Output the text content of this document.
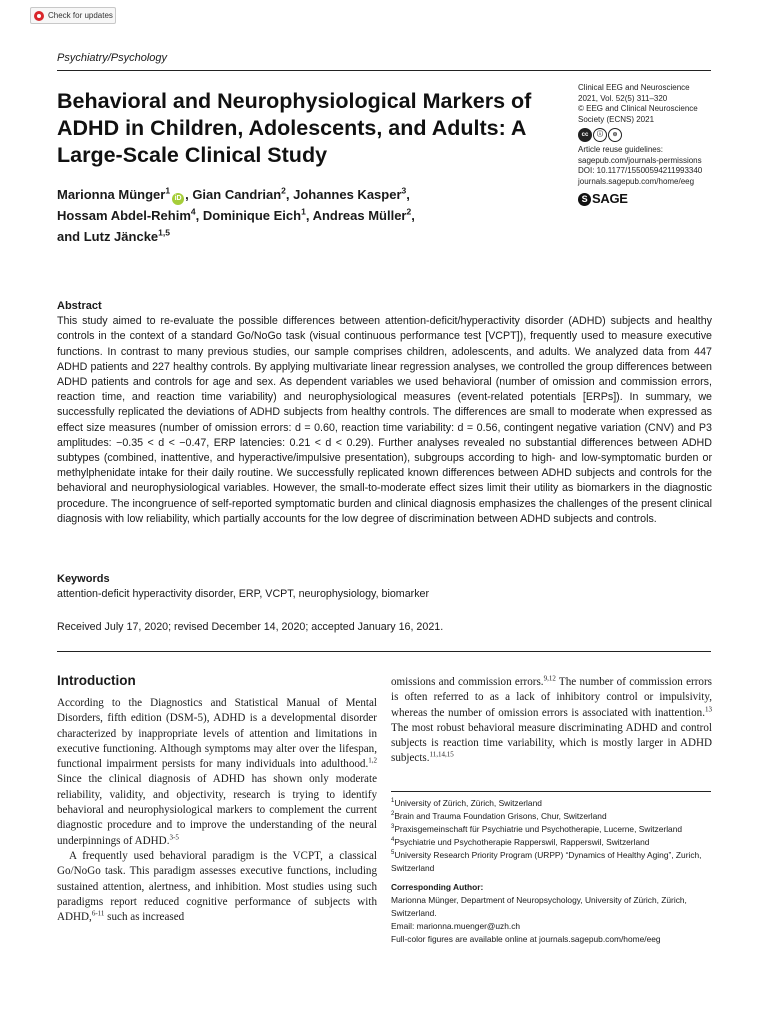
Check for updates
Psychiatry/Psychology
Behavioral and Neurophysiological Markers of ADHD in Children, Adolescents, and Adults: A Large-Scale Clinical Study
Clinical EEG and Neuroscience
2021, Vol. 52(5) 311–320
© EEG and Clinical Neuroscience
Society (ECNS) 2021
cc	ⓘ	⊜
Article reuse guidelines:
sagepub.com/journals-permissions
DOI: 10.1177/15500594211993340
journals.sagepub.com/home/eeg
S SAGE
Marionna Münger$^1$iD , Gian Candrian$^2$, Johannes Kasper$^3$,
Hossam Abdel-Rehim$^4$, Dominique Eich$^1$, Andreas Müller$^2$,
and Lutz Jäncke$^{1,5}$
Abstract
This study aimed to re-evaluate the possible differences between attention-deficit/hyperactivity disorder (ADHD) subjects and healthy controls in the context of a standard Go/NoGo task (visual continuous performance test [VCPT]), frequently used to measure executive functions. In contrast to many previous studies, our sample comprises children, adolescents, and adults. We analyzed data from 447 ADHD patients and 227 healthy controls. By applying multivariate linear regression analyses, we controlled the group differences between ADHD patients and controls for age and sex. As dependent variables we used behavioral (number of omission and commission errors, reaction time, and reaction time variability) and neurophysiological measures (event-related potentials [ERPs]). In summary, we successfully replicated the deviations of ADHD subjects from healthy controls. The differences are small to moderate when expressed as effect size measures (number of omission errors: d = 0.60, reaction time variability: d = 0.56, contingent negative variation (CNV) and P3 amplitudes: −0.35 < d < −0.47, ERP latencies: 0.21 < d < 0.29). Further analyses revealed no substantial differences between ADHD subtypes (combined, inattentive, and hyperactive/impulsive presentation), subgroups according to high- and low-symptomatic burden or methylphenidate intake for their daily routine. We successfully replicated known differences between ADHD subjects and controls for the behavioral and neurophysiological variables. However, the small-to-moderate effect sizes limit their utility as biomarkers in the diagnostic procedure. The incongruence of self-reported symptomatic burden and clinical diagnosis emphasizes the challenges of the present clinical diagnosis with low reliability, which partially accounts for the low degree of discrimination between ADHD subjects and controls.
Keywords
attention-deficit hyperactivity disorder, ERP, VCPT, neurophysiology, biomarker
Received July 17, 2020; revised December 14, 2020; accepted January 16, 2021.
Introduction

According to the Diagnostics and Statistical Manual of Mental Disorders, fifth edition (DSM-5), ADHD is a developmental disorder characterized by inappropriate levels of attention and limitations in executive functioning. Although symptoms may alter over the lifespan, functional impairment persists for many individuals into adulthood.$^{1,2}$ Since the clinical diagnosis of ADHD has shown only moderate reliability, validity, and objectivity, research is trying to identify behavioral and neurophysiological markers to complement the current diagnostic procedure and to improve the understanding of the neural underpinnings of ADHD.$^{3-5}$

A frequently used behavioral paradigm is the VCPT, a classical Go/NoGo task. This paradigm assesses executive functions, including sustained attention, alertness, and inhibition. Most studies using such paradigms report reduced cognitive performance of subjects with ADHD,$^{6-11}$ such as increased

omissions and commission errors.$^{9,12}$ The number of commission errors is often referred to as a lack of inhibitory control or impulsivity, whereas the number of omission errors is associated with inattention.$^{13}$ The most robust behavioral measure discriminating ADHD and control subjects is reaction time variability, which is mostly larger in ADHD subjects.$^{11,14,15}$

$^1$University of Zürich, Zürich, Switzerland
$^2$Brain and Trauma Foundation Grisons, Chur, Switzerland
$^3$Praxisgemeinschaft für Psychiatrie und Psychotherapie, Lucerne, Switzerland
$^4$Psychiatrie und Psychotherapie Rapperswil, Rapperswil, Switzerland
$^5$University Research Priority Program (URPP) “Dynamics of Healthy Aging”, Zurich, Switzerland
Corresponding Author:
Marionna Münger, Department of Neuropsychology, University of Zürich, Zürich, Switzerland.
Email: marionna.muenger@uzh.ch
Full-color figures are available online at journals.sagepub.com/home/eeg
